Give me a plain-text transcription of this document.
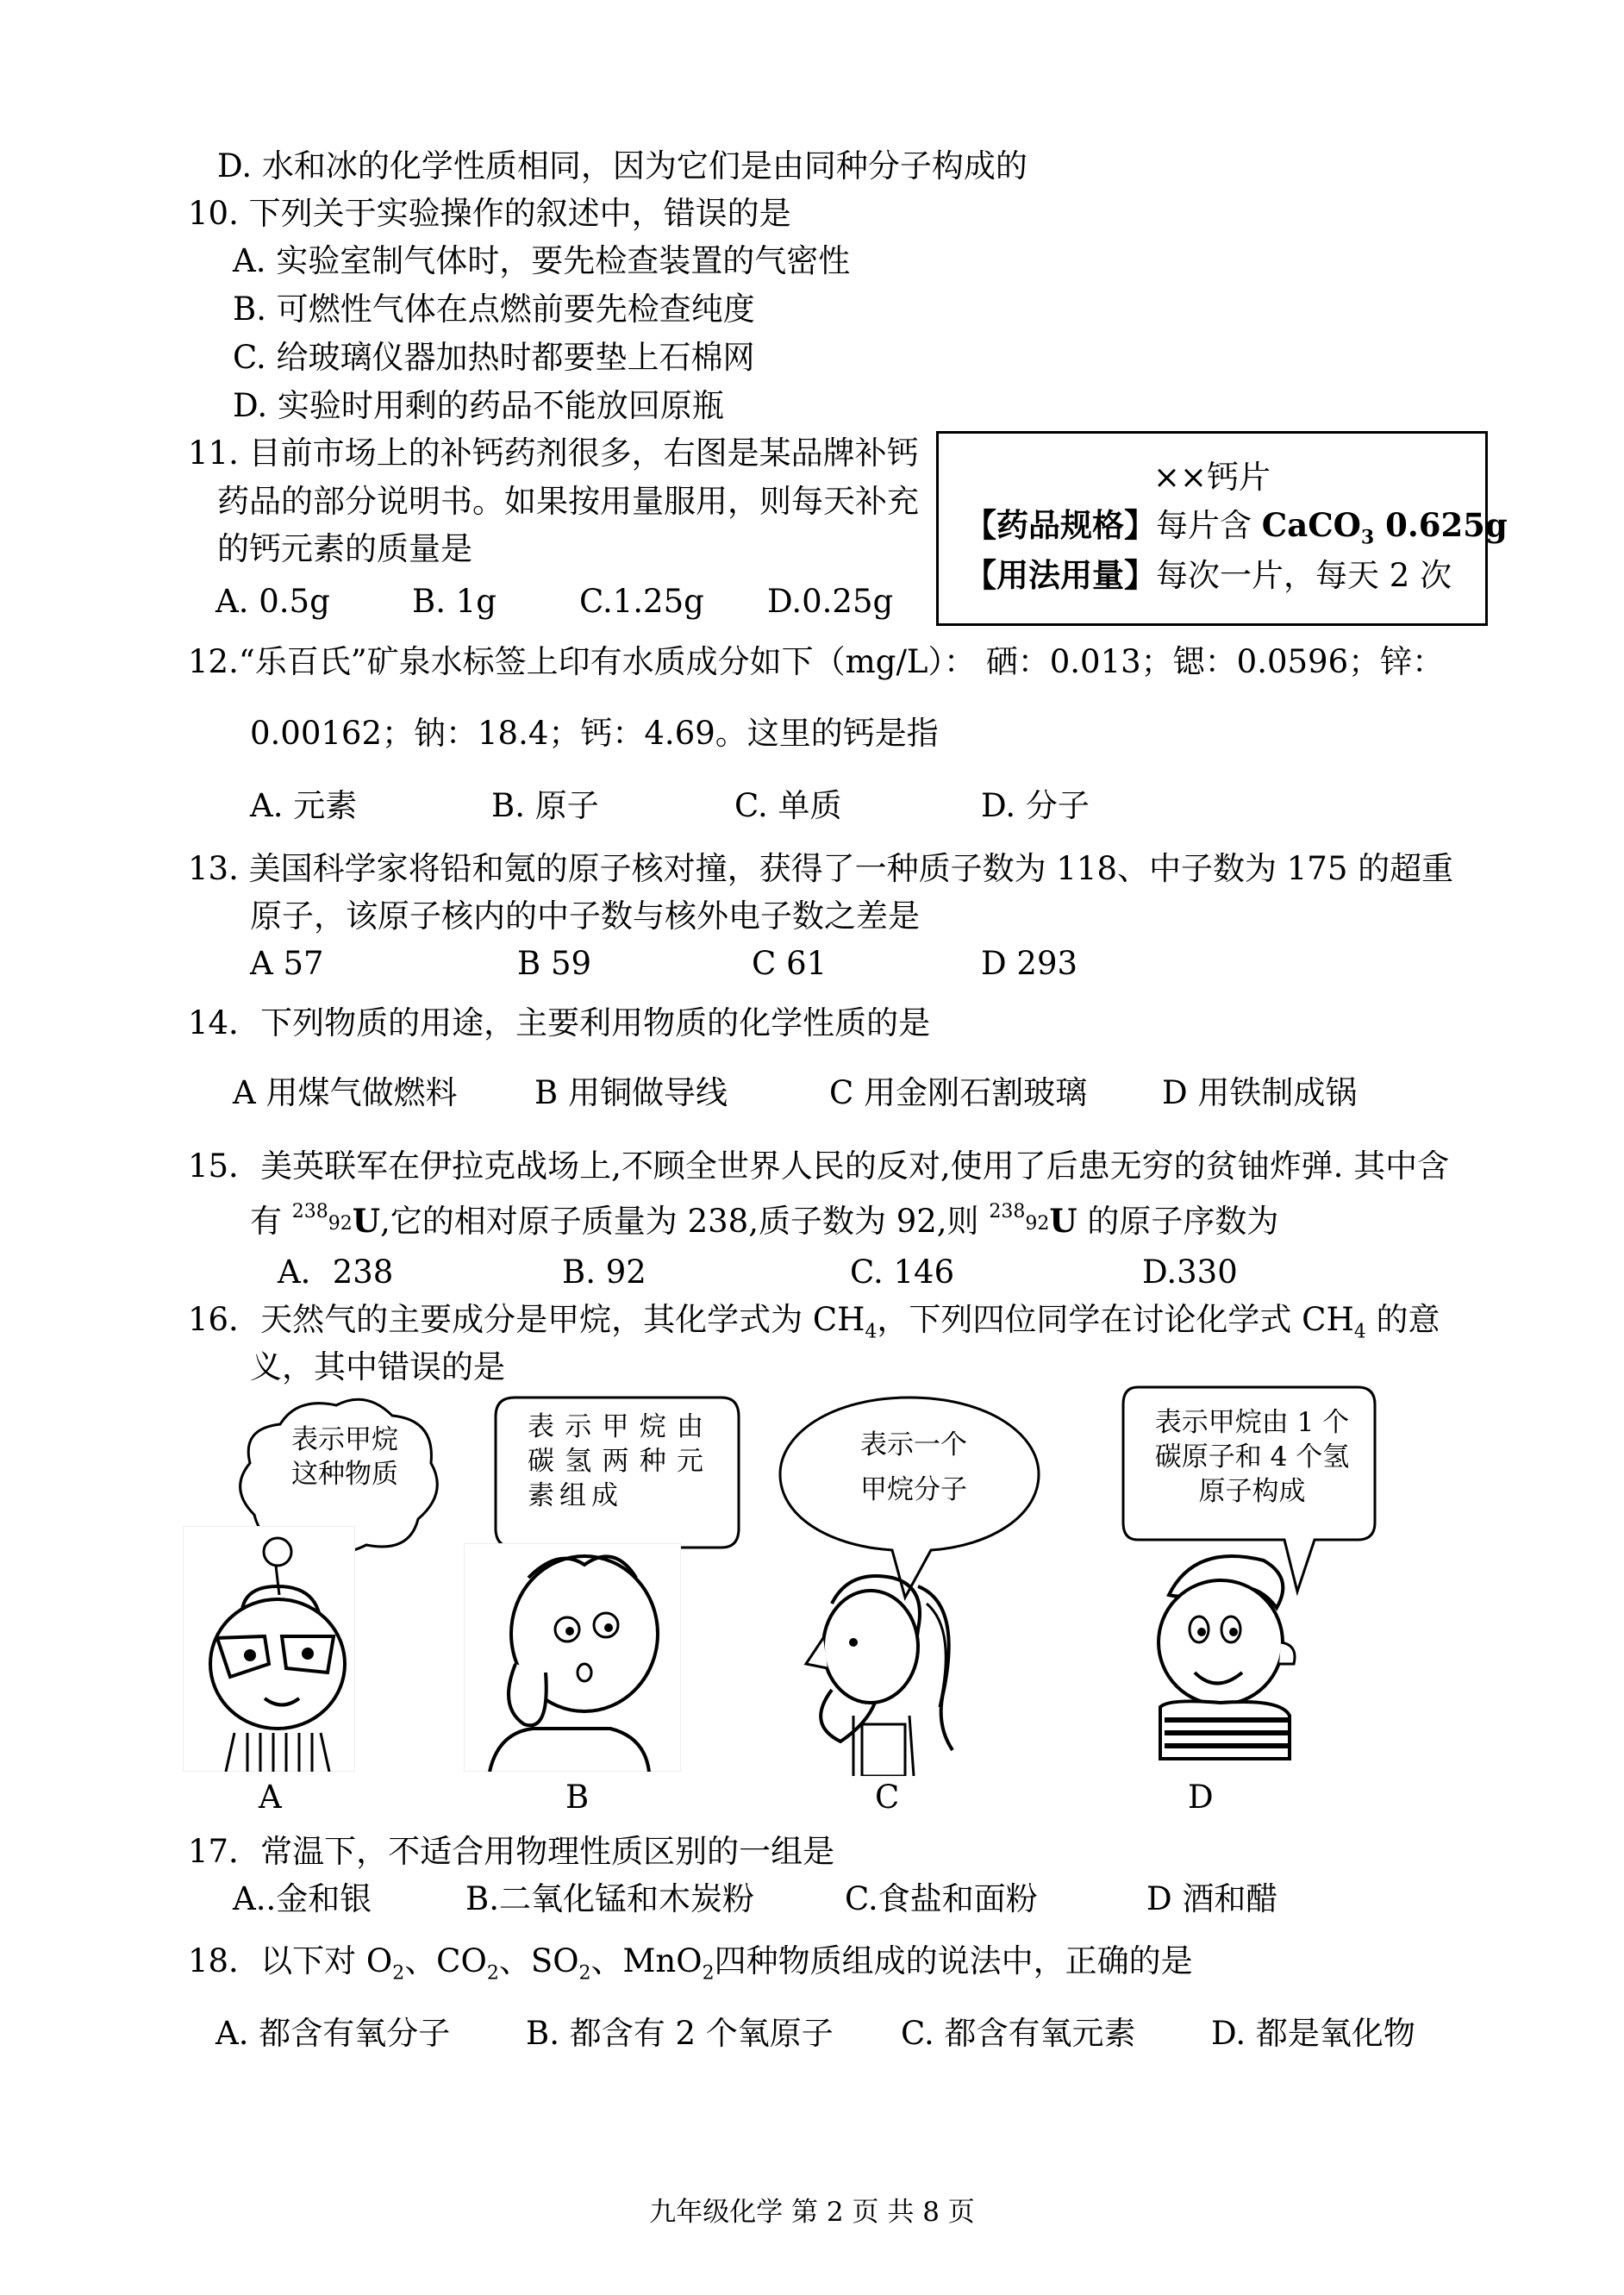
D. 水和冰的化学性质相同，因为它们是由同种分子构成的
10. 下列关于实验操作的叙述中，错误的是
A. 实验室制气体时，要先检查装置的气密性
B. 可燃性气体在点燃前要先检查纯度
C. 给玻璃仪器加热时都要垫上石棉网
D. 实验时用剩的药品不能放回原瓶
11. 目前市场上的补钙药剂很多，右图是某品牌补钙
药品的部分说明书。如果按用量服用，则每天补充
的钙元素的质量是
A. 0.5g	B. 1g	C.1.25g D.0.25g
××钙片
【药品规格】每片含 CaCO$_3$ 0.625g
【用法用量】每次一片，每天 2 次
12.“乐百氏”矿泉水标签上印有水质成分如下（mg/L）： 硒：0.013；锶：0.0596；锌：
0.00162；钠：18.4；钙：4.69。这里的钙是指
A. 元素	B. 原子	C. 单质	D. 分子
13. 美国科学家将铅和氪的原子核对撞，获得了一种质子数为 118、中子数为 175 的超重
原子，该原子核内的中子数与核外电子数之差是
A 57	B 59	C 61	D 293
14．下列物质的用途，主要利用物质的化学性质的是
A 用煤气做燃料 B 用铜做导线	C 用金刚石割玻璃 D 用铁制成锅
15．美英联军在伊拉克战场上,不顾全世界人民的反对,使用了后患无穷的贫铀炸弹. 其中含
有 23892U,它的相对原子质量为 238,质子数为 92,则 23892U 的原子序数为
A．238	B. 92	C. 146	D.330
16．天然气的主要成分是甲烷，其化学式为 $CH_4$，下列四位同学在讨论化学式 $CH_4$ 的意
义，其中错误的是
表示甲烷这种物质
表示甲烷由碳氢两种元素组成
表示一个甲烷分子
表示甲烷由 1 个碳原子和 4 个氢原子构成
A	B	C	D
17．常温下，不适合用物理性质区别的一组是
A..金和银	B.二氧化锰和木炭粉	C.食盐和面粉	D 酒和醋
18．以下对 $O_2$、$CO_2$、$SO_2$、MnO$_2$四种物质组成的说法中，正确的是
A. 都含有氧分子 B. 都含有 2 个氧原子 C. 都含有氧元素 D. 都是氧化物
九年级化学 第 2 页 共 8 页
